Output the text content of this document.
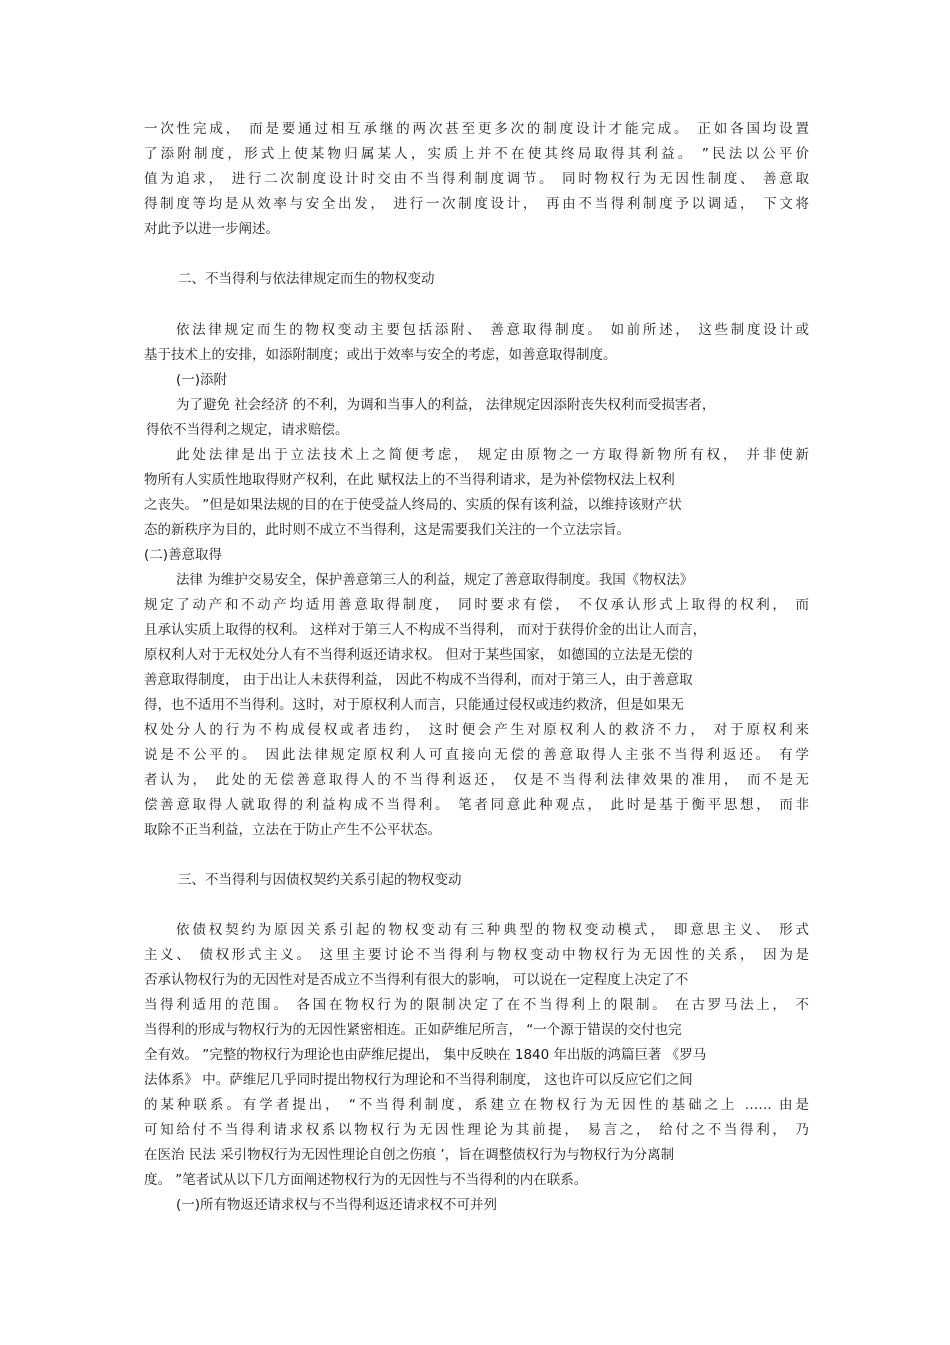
一次性完成， 而是要通过相互承继的两次甚至更多次的制度设计才能完成。 正如各国均设置
了添附制度，形式上使某物归属某人，实质上并不在使其终局取得其利益。 ”民法以公平价
值为追求， 进行二次制度设计时交由不当得利制度调节。 同时物权行为无因性制度、 善意取
得制度等均是从效率与安全出发， 进行一次制度设计， 再由不当得利制度予以调适， 下文将
对此予以进一步阐述。
二、不当得利与依法律规定而生的物权变动
依法律规定而生的物权变动主要包括添附、 善意取得制度。 如前所述， 这些制度设计或
基于技术上的安排，如添附制度；或出于效率与安全的考虑，如善意取得制度。
(一)添附
为了避免 社会经济 的不利，为调和当事人的利益， 法律规定因添附丧失权利而受损害者，
得依不当得利之规定，请求赔偿。
此处法律是出于立法技术上之简便考虑， 规定由原物之一方取得新物所有权， 并非使新
物所有人实质性地取得财产权利，在此 赋权法上的不当得利请求，是为补偿物权法上权利
之丧失。 ”但是如果法规的目的在于使受益人终局的、实质的保有该利益，以维持该财产状
态的新秩序为目的，此时则不成立不当得利，这是需要我们关注的一个立法宗旨。
(二)善意取得
法律 为维护交易安全，保护善意第三人的利益，规定了善意取得制度。我国《物权法》
规定了动产和不动产均适用善意取得制度， 同时要求有偿， 不仅承认形式上取得的权利， 而
且承认实质上取得的权利。 这样对于第三人不构成不当得利， 而对于获得价金的出让人而言，
原权利人对于无权处分人有不当得利返还请求权。 但对于某些国家， 如德国的立法是无偿的
善意取得制度， 由于出让人未获得利益， 因此不构成不当得利，而对于第三人，由于善意取
得，也不适用不当得利。这时，对于原权利人而言，只能通过侵权或违约救济，但是如果无
权处分人的行为不构成侵权或者违约， 这时便会产生对原权利人的救济不力， 对于原权利来
说是不公平的。 因此法律规定原权利人可直接向无偿的善意取得人主张不当得利返还。 有学
者认为， 此处的无偿善意取得人的不当得利返还， 仅是不当得利法律效果的准用， 而不是无
偿善意取得人就取得的利益构成不当得利。 笔者同意此种观点， 此时是基于衡平思想， 而非
取除不正当利益，立法在于防止产生不公平状态。
三、不当得利与因债权契约关系引起的物权变动
依债权契约为原因关系引起的物权变动有三种典型的物权变动模式， 即意思主义、 形式
主义、 债权形式主义。 这里主要讨论不当得利与物权变动中物权行为无因性的关系， 因为是
否承认物权行为的无因性对是否成立不当得利有很大的影响， 可以说在一定程度上决定了不
当得利适用的范围。 各国在物权行为的限制决定了在不当得利上的限制。 在古罗马法上， 不
当得利的形成与物权行为的无因性紧密相连。正如萨维尼所言， “一个源于错误的交付也完
全有效。 ”完整的物权行为理论也由萨维尼提出， 集中反映在 1840 年出版的鸿篇巨著 《罗马
法体系》 中。萨维尼几乎同时提出物权行为理论和不当得利制度， 这也许可以反应它们之间
的某种联系。有学者提出， “不当得利制度，系建立在物权行为无因性的基础之上 …… 由是
可知给付不当得利请求权系以物权行为无因性理论为其前提， 易言之， 给付之不当得利， 乃
在医治 民法 采引物权行为无因性理论自创之伤痕 ’，旨在调整债权行为与物权行为分离制
度。 ”笔者试从以下几方面阐述物权行为的无因性与不当得利的内在联系。
(一)所有物返还请求权与不当得利返还请求权不可并列
